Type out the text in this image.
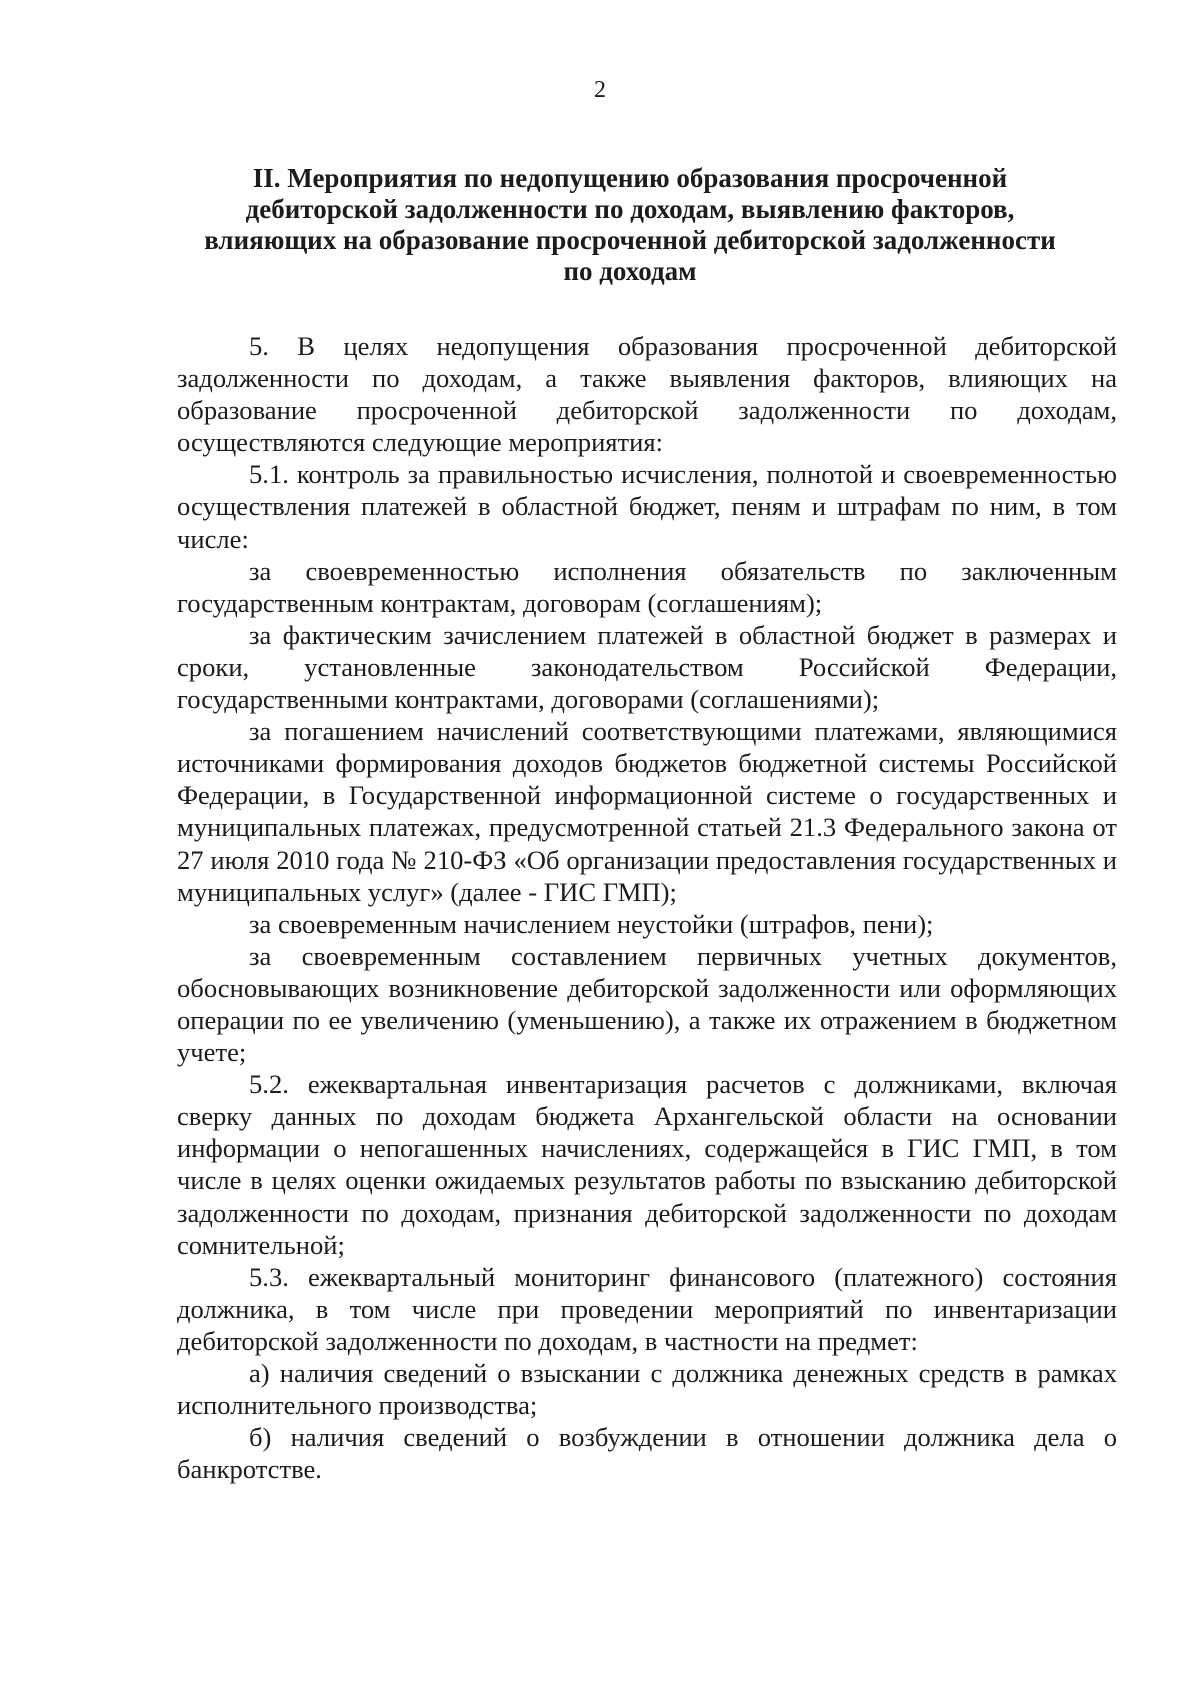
2
II. Мероприятия по недопущению образования просроченной
дебиторской задолженности по доходам, выявлению факторов,
влияющих на образование просроченной дебиторской задолженности
по доходам

5. В целях недопущения образования просроченной дебиторской задолженности по доходам, а также выявления факторов, влияющих на образование просроченной дебиторской задолженности по доходам, осуществляются следующие мероприятия:

5.1. контроль за правильностью исчисления, полнотой и своевременностью осуществления платежей в областной бюджет, пеням и штрафам по ним, в том числе:

за своевременностью исполнения обязательств по заключенным государственным контрактам, договорам (соглашениям);

за фактическим зачислением платежей в областной бюджет в размерах и сроки, установленные законодательством Российской Федерации, государственными контрактами, договорами (соглашениями);

за погашением начислений соответствующими платежами, являющимися источниками формирования доходов бюджетов бюджетной системы Российской Федерации, в Государственной информационной системе о государственных и муниципальных платежах, предусмотренной статьей 21.3 Федерального закона от 27 июля 2010 года № 210-ФЗ «Об организации предоставления государственных и муниципальных услуг» (далее - ГИС ГМП);

за своевременным начислением неустойки (штрафов, пени);

за своевременным составлением первичных учетных документов, обосновывающих возникновение дебиторской задолженности или оформляющих операции по ее увеличению (уменьшению), а также их отражением в бюджетном учете;

5.2. ежеквартальная инвентаризация расчетов с должниками, включая сверку данных по доходам бюджета Архангельской области на основании информации о непогашенных начислениях, содержащейся в ГИС ГМП, в том числе в целях оценки ожидаемых результатов работы по взысканию дебиторской задолженности по доходам, признания дебиторской задолженности по доходам сомнительной;

5.3. ежеквартальный мониторинг финансового (платежного) состояния должника, в том числе при проведении мероприятий по инвентаризации дебиторской задолженности по доходам, в частности на предмет:

а) наличия сведений о взыскании с должника денежных средств в рамках исполнительного производства;

б) наличия сведений о возбуждении в отношении должника дела о банкротстве.
